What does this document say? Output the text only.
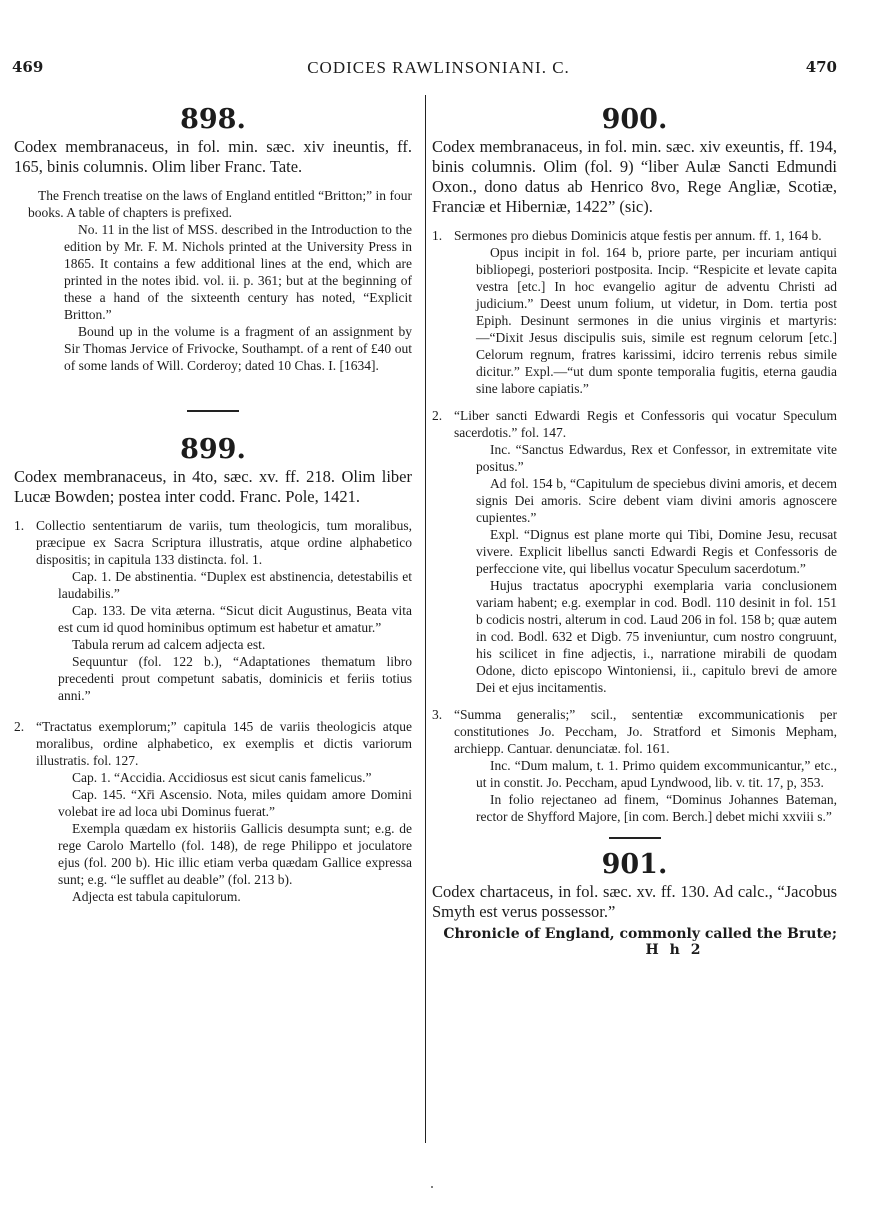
469	CODICES RAWLINSONIANI. C.	470
898.
Codex membranaceus, in fol. min. sæc. xiv ineuntis, ff. 165, binis columnis. Olim liber Franc. Tate.
The French treatise on the laws of England entitled “Britton;” in four books. A table of chapters is prefixed.
No. 11 in the list of MSS. described in the Introduction to the edition by Mr. F. M. Nichols printed at the University Press in 1865. It contains a few additional lines at the end, which are printed in the notes ibid. vol. ii. p. 361; but at the beginning of these a hand of the sixteenth century has noted, “Explicit Britton.”
Bound up in the volume is a fragment of an assignment by Sir Thomas Jervice of Frivocke, Southampt. of a rent of £40 out of some lands of Will. Corderoy; dated 10 Chas. I. [1634].
899.
Codex membranaceus, in 4to, sæc. xv. ff. 218. Olim liber Lucæ Bowden; postea inter codd. Franc. Pole, 1421.
1. Collectio sententiarum de variis, tum theologicis, tum moralibus, præcipue ex Sacra Scriptura illustratis, atque ordine alphabetico dispositis; in capitula 133 distincta. fol. 1.
Cap. 1. De abstinentia. “Duplex est abstinencia, detestabilis et laudabilis.”
Cap. 133. De vita æterna. “Sicut dicit Augustinus, Beata vita est cum id quod hominibus optimum est habetur et amatur.”
Tabula rerum ad calcem adjecta est.
Sequuntur (fol. 122 b.), “Adaptationes thematum libro precedenti prout competunt sabatis, dominicis et feriis totius anni.”
2. “Tractatus exemplorum;” capitula 145 de variis theologicis atque moralibus, ordine alphabetico, ex exemplis et dictis variorum illustratis. fol. 127.
Cap. 1. “Accidia. Accidiosus est sicut canis famelicus.”
Cap. 145. “Xr̄i Ascensio. Nota, miles quidam amore Domini volebat ire ad loca ubi Dominus fuerat.”
Exempla quædam ex historiis Gallicis desumpta sunt; e.g. de rege Carolo Martello (fol. 148), de rege Philippo et joculatore ejus (fol. 200 b). Hic illic etiam verba quædam Gallice expressa sunt; e.g. “le sufflet au deable” (fol. 213 b).
Adjecta est tabula capitulorum.
900.
Codex membranaceus, in fol. min. sæc. xiv exeuntis, ff. 194, binis columnis. Olim (fol. 9) “liber Aulæ Sancti Edmundi Oxon., dono datus ab Henrico 8vo, Rege Angliæ, Scotiæ, Franciæ et Hiberniæ, 1422” (sic).
1. Sermones pro diebus Dominicis atque festis per annum. ff. 1, 164 b.
Opus incipit in fol. 164 b, priore parte, per incuriam antiqui bibliopegi, posteriori postposita. Incip. “Respicite et levate capita vestra [etc.] In hoc evangelio agitur de adventu Christi ad judicium.” Deest unum folium, ut videtur, in Dom. tertia post Epiph. Desinunt sermones in die unius virginis et martyris:—“Dixit Jesus discipulis suis, simile est regnum celorum [etc.] Celorum regnum, fratres karissimi, idciro terrenis rebus simile dicitur.” Expl.—“ut dum sponte temporalia fugitis, eterna gaudia sine labore capiatis.”
2. “Liber sancti Edwardi Regis et Confessoris qui vocatur Speculum sacerdotis.” fol. 147.
Inc. “Sanctus Edwardus, Rex et Confessor, in extremitate vite positus.”
Ad fol. 154 b, “Capitulum de speciebus divini amoris, et decem signis Dei amoris. Scire debent viam divini amoris agnoscere cupientes.”
Expl. “Dignus est plane morte qui Tibi, Domine Jesu, recusat vivere. Explicit libellus sancti Edwardi Regis et Confessoris de perfeccione vite, qui libellus vocatur Speculum sacerdotum.”
Hujus tractatus apocryphi exemplaria varia conclusionem variam habent; e.g. exemplar in cod. Bodl. 110 desinit in fol. 151 b codicis nostri, alterum in cod. Laud 206 in fol. 158 b; quæ autem in cod. Bodl. 632 et Digb. 75 inveniuntur, cum nostro congruunt, his scilicet in fine adjectis, i., narratione mirabili de quodam Odone, dicto episcopo Wintoniensi, ii., capitulo brevi de amore Dei et ejus incitamentis.
3. “Summa generalis;” scil., sententiæ excommunicationis per constitutiones Jo. Peccham, Jo. Stratford et Simonis Mepham, archiepp. Cantuar. denunciatæ. fol. 161.
Inc. “Dum malum, t. 1. Primo quidem excommunicantur,” etc., ut in constit. Jo. Peccham, apud Lyndwood, lib. v. tit. 17, p, 353.
In folio rejectaneo ad finem, “Dominus Johannes Bateman, rector de Shyfford Majore, [in com. Berch.] debet michi xxviii s.”
901.
Codex chartaceus, in fol. sæc. xv. ff. 130. Ad calc., “Jacobus Smyth est verus possessor.”
Chronicle of England, commonly called the Brute;
H h 2
